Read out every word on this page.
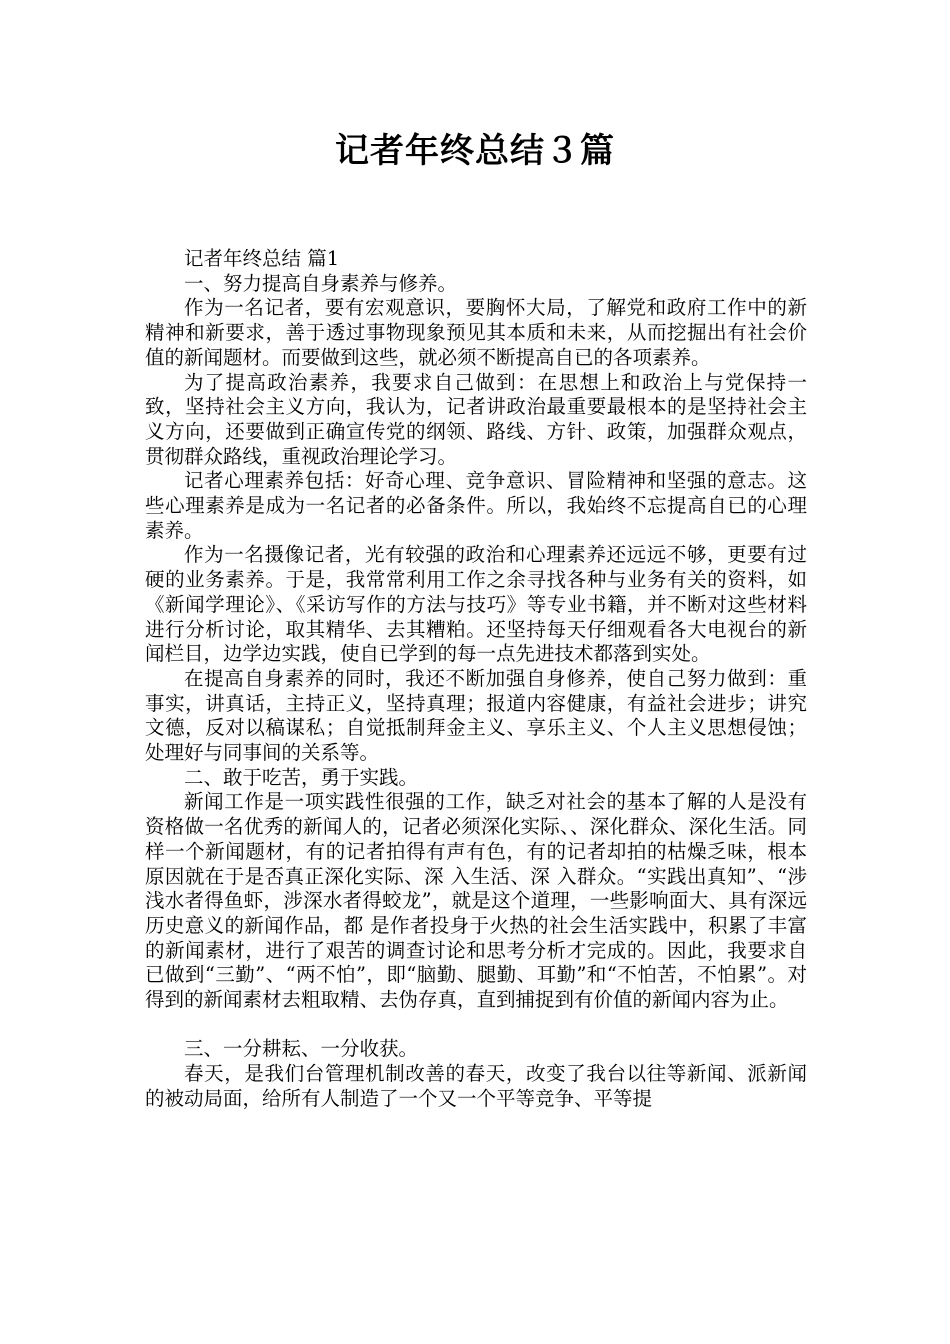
记者年终总结３篇

记者年终总结 篇1

一、努力提高自身素养与修养。

作为一名记者，要有宏观意识，要胸怀大局，了解党和政府工作中的新精神和新要求，善于透过事物现象预见其本质和未来，从而挖掘出有社会价值的新闻题材。而要做到这些，就必须不断提高自已的各项素养。

为了提高政治素养，我要求自己做到：在思想上和政治上与党保持一致，坚持社会主义方向，我认为，记者讲政治最重要最根本的是坚持社会主义方向，还要做到正确宣传党的纲领、路线、方针、政策，加强群众观点，贯彻群众路线，重视政治理论学习。

记者心理素养包括：好奇心理、竞争意识、冒险精神和坚强的意志。这些心理素养是成为一名记者的必备条件。所以，我始终不忘提高自已的心理素养。

作为一名摄像记者，光有较强的政治和心理素养还远远不够，更要有过硬的业务素养。于是，我常常利用工作之余寻找各种与业务有关的资料，如《新闻学理论》、《采访写作的方法与技巧》等专业书籍，并不断对这些材料进行分析讨论，取其精华、去其糟粕。还坚持每天仔细观看各大电视台的新闻栏目，边学边实践，使自已学到的每一点先进技术都落到实处。

在提高自身素养的同时，我还不断加强自身修养，使自己努力做到：重事实，讲真话，主持正义，坚持真理；报道内容健康，有益社会进步；讲究文德，反对以稿谋私；自觉抵制拜金主义、享乐主义、个人主义思想侵蚀；处理好与同事间的关系等。

二、敢于吃苦，勇于实践。

新闻工作是一项实践性很强的工作，缺乏对社会的基本了解的人是没有资格做一名优秀的新闻人的，记者必须深化实际、、深化群众、深化生活。同样一个新闻题材，有的记者拍得有声有色，有的记者却拍的枯燥乏味，根本原因就在于是否真正深化实际、深 入生活、深 入群众。“实践出真知”、“涉浅水者得鱼虾，涉深水者得蛟龙”，就是这个道理，一些影响面大、具有深远历史意义的新闻作品，都 是作者投身于火热的社会生活实践中，积累了丰富的新闻素材，进行了艰苦的调查讨论和思考分析才完成的。因此，我要求自已做到“三勤”、“两不怕”，即“脑勤、腿勤、耳勤”和“不怕苦，不怕累”。对得到的新闻素材去粗取精、去伪存真，直到捕捉到有价值的新闻内容为止。

三、一分耕耘、一分收获。

春天，是我们台管理机制改善的春天，改变了我台以往等新闻、派新闻的被动局面，给所有人制造了一个又一个平等竞争、平等提
